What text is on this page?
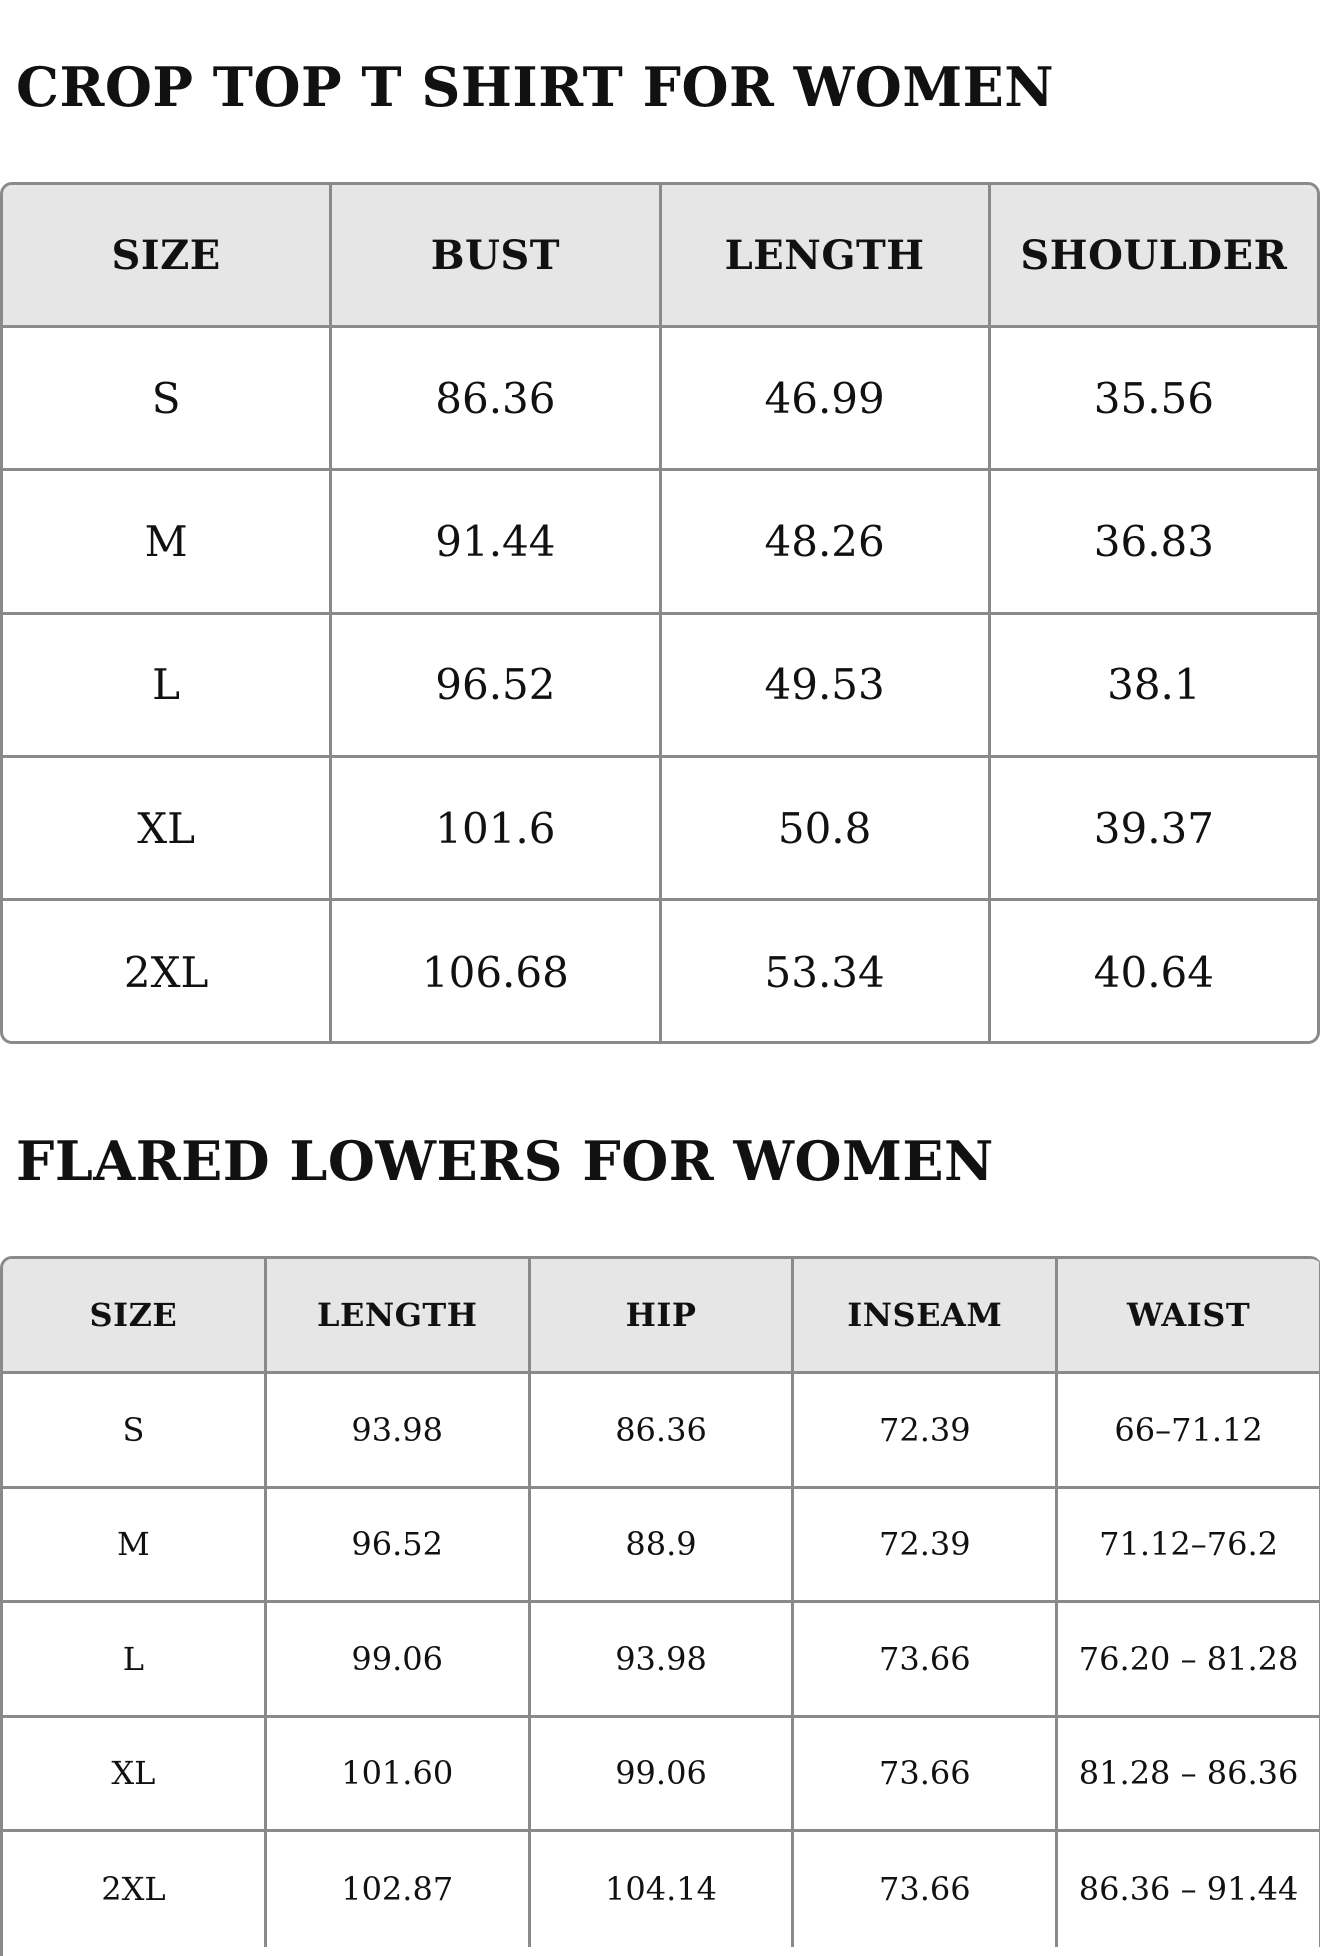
CROP TOP T SHIRT FOR WOMEN
SIZE	BUST	LENGTH	SHOULDER
S	86.36	46.99	35.56
M	91.44	48.26	36.83
L	96.52	49.53	38.1
XL	101.6	50.8	39.37
2XL	106.68	53.34	40.64
FLARED LOWERS FOR WOMEN
SIZE	LENGTH	HIP	INSEAM	WAIST
S	93.98	86.36	72.39	66–71.12
M	96.52	88.9	72.39	71.12–76.2
L	99.06	93.98	73.66	76.20 – 81.28
XL	101.60	99.06	73.66	81.28 – 86.36
2XL	102.87	104.14	73.66	86.36 – 91.44
